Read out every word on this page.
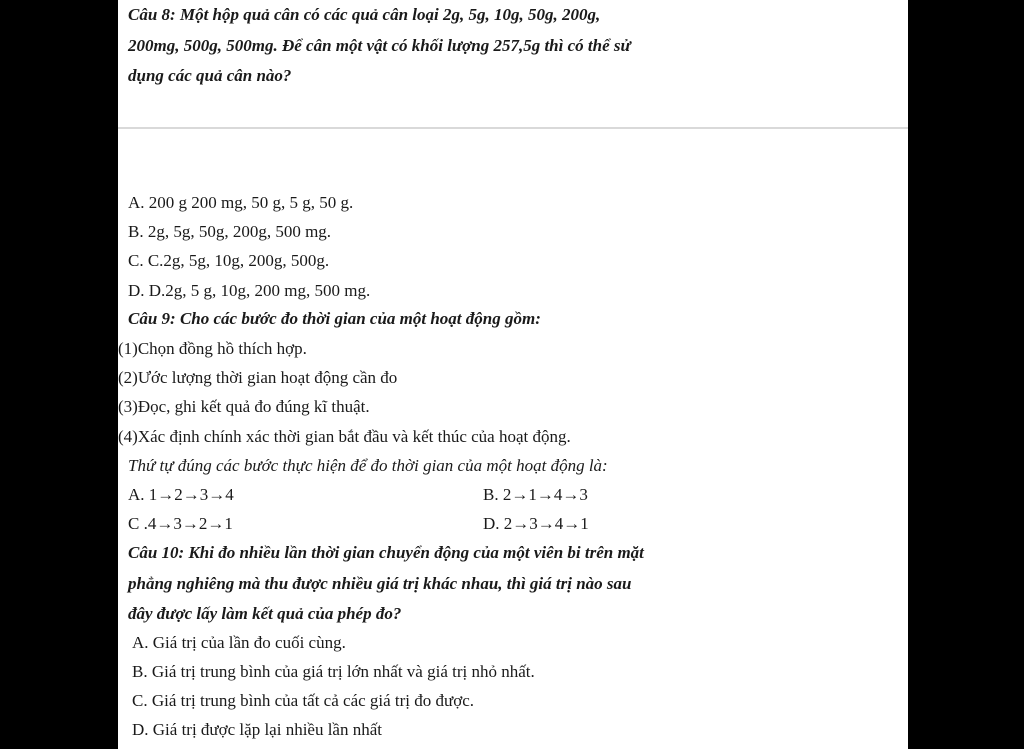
Câu 8: Một hộp quả cân có các quả cân loại 2g, 5g, 10g, 50g, 200g,
200mg, 500g, 500mg. Để cân một vật có khối lượng 257,5g thì có thể sử
dụng các quả cân nào?
A. 200 g 200 mg, 50 g, 5 g, 50 g.
B. 2g, 5g, 50g, 200g, 500 mg.
C. C.2g, 5g, 10g, 200g, 500g.
D. D.2g, 5 g, 10g, 200 mg, 500 mg.
Câu 9: Cho các bước đo thời gian của một hoạt động gồm:
(1)Chọn đồng hồ thích hợp.
(2)Ước lượng thời gian hoạt động cần đo
(3)Đọc, ghi kết quả đo đúng kĩ thuật.
(4)Xác định chính xác thời gian bắt đầu và kết thúc của hoạt động.
Thứ tự đúng các bước thực hiện để đo thời gian của một hoạt động là:
A. 1→2→3→4	B. 2→1→4→3
C .4→3→2→1	D. 2→3→4→1
Câu 10: Khi đo nhiều lần thời gian chuyển động của một viên bi trên mặt
phẳng nghiêng mà thu được nhiều giá trị khác nhau, thì giá trị nào sau
đây được lấy làm kết quả của phép đo?
A. Giá trị của lần đo cuối cùng.
B. Giá trị trung bình của giá trị lớn nhất và giá trị nhỏ nhất.
C. Giá trị trung bình của tất cả các giá trị đo được.
D. Giá trị được lặp lại nhiều lần nhất
